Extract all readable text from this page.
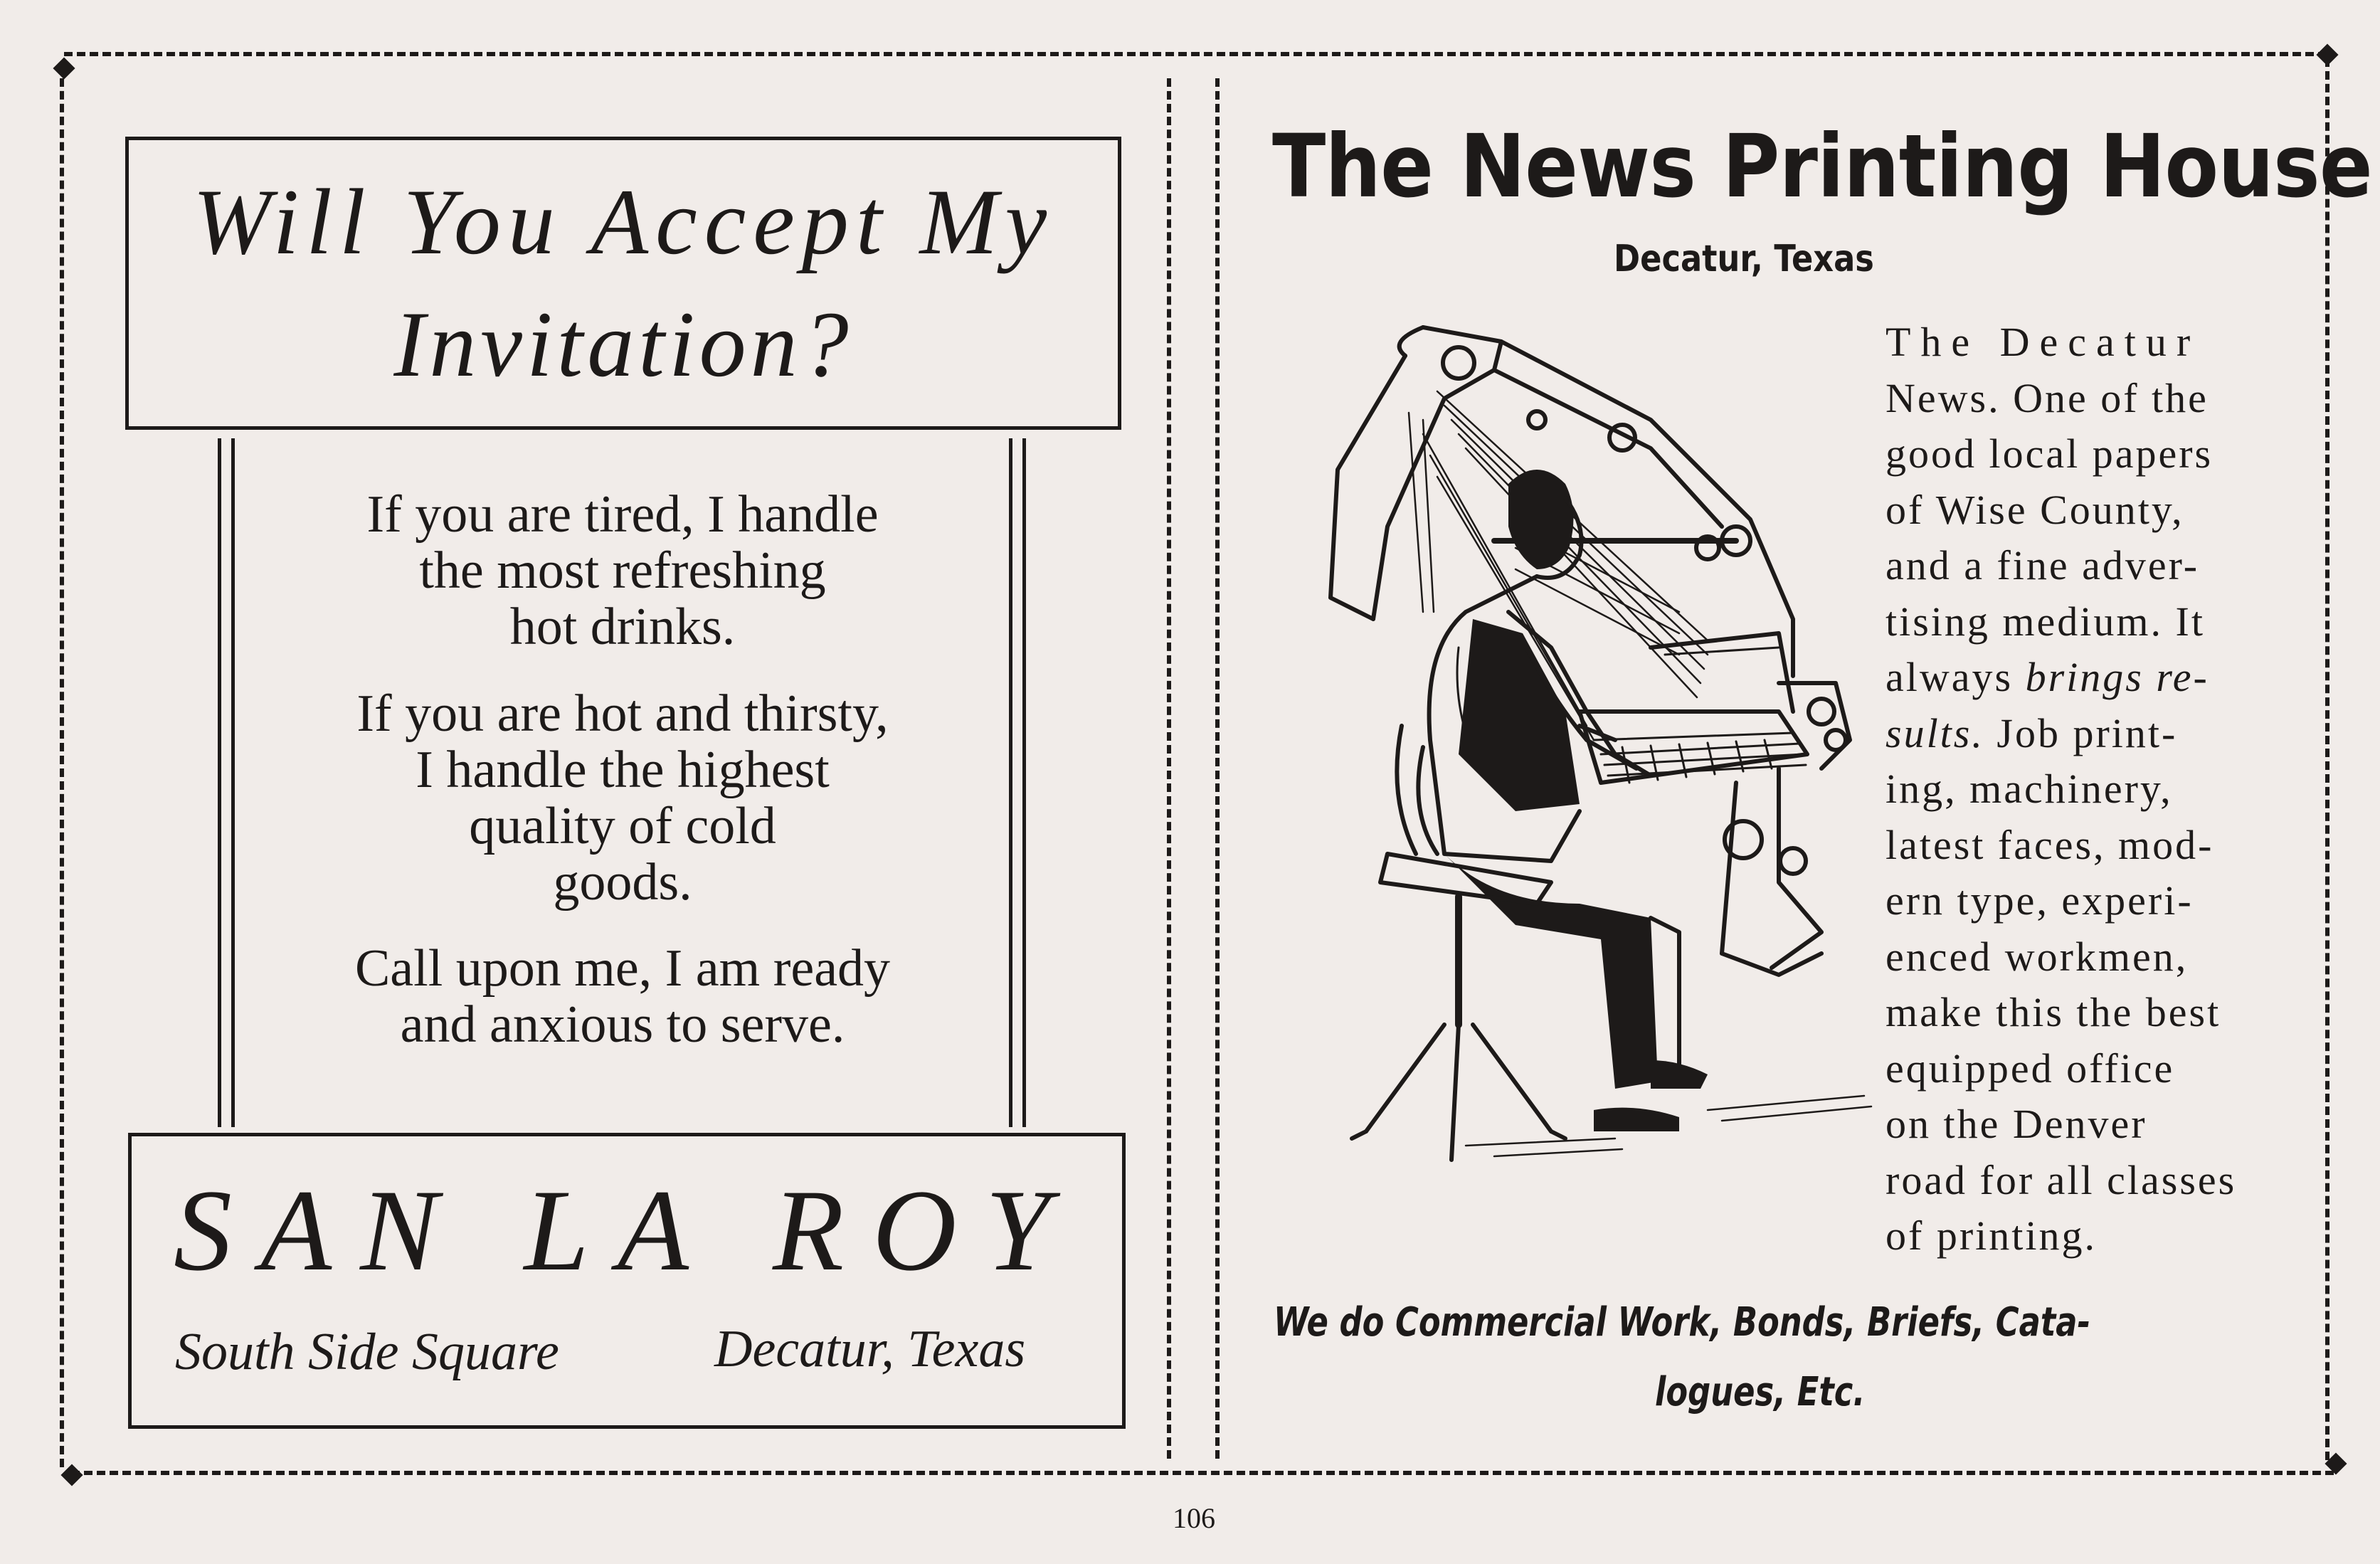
Will You Accept My
Invitation?
If you are tired, I handle
the most refreshing
hot drinks.
If you are hot and thirsty,
I handle the highest
quality of cold
goods.
Call upon me, I am ready
and anxious to serve.
SAN LA ROY
South Side Square	Decatur, Texas
The News Printing House
Decatur, Texas
The Decatur
News. One of the
good local papers
of Wise County,
and a fine adver-
tising medium. It
always brings re-
sults. Job print-
ing, machinery,
latest faces, mod-
ern type, experi-
enced workmen,
make this the best
equipped office
on the Denver
road for all classes
of printing.
We do Commercial Work, Bonds, Briefs, Cata-
logues, Etc.
106
